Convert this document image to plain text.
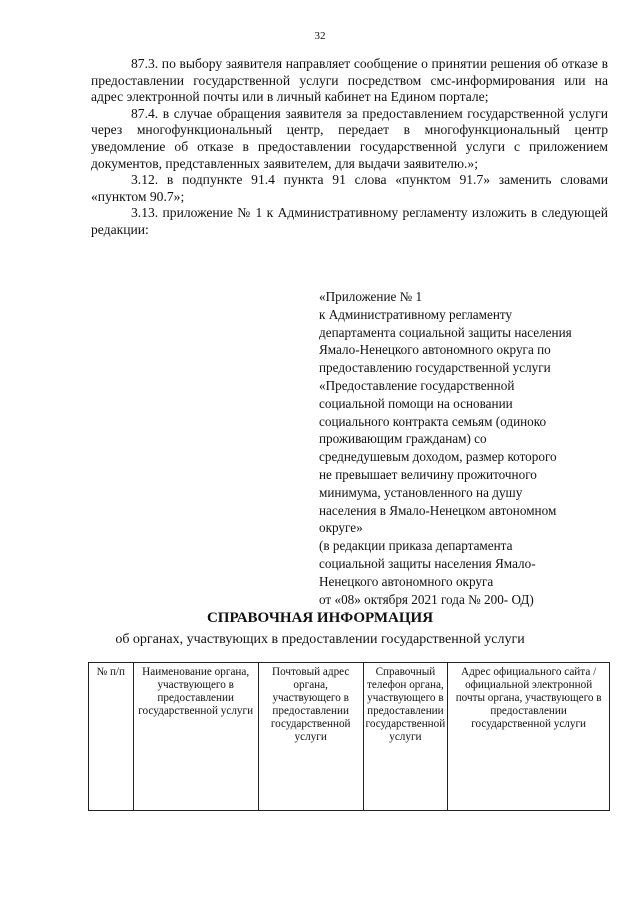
32

87.3. по выбору заявителя направляет сообщение о принятии решения об отказе в предоставлении государственной услуги посредством смс-информирования или на адрес электронной почты или в личный кабинет на Едином портале;

87.4. в случае обращения заявителя за предоставлением государственной услуги через многофункциональный центр, передает в многофункциональный центр уведомление об отказе в предоставлении государственной услуги с приложением документов, представленных заявителем, для выдачи заявителю.»;

3.12. в подпункте 91.4 пункта 91 слова «пунктом 91.7» заменить словами «пунктом 90.7»;

3.13. приложение № 1 к Административному регламенту изложить в следующей редакции:

«Приложение № 1
к Административному регламенту
департамента социальной защиты населения
Ямало-Ненецкого автономного округа по
предоставлению государственной услуги
«Предоставление государственной
социальной помощи на основании
социального контракта семьям (одиноко
проживающим гражданам) со
среднедушевым доходом, размер которого
не превышает величину прожиточного
минимума, установленного на душу
населения в Ямало-Ненецком автономном
округе»
(в редакции приказа департамента
социальной защиты населения Ямало-
Ненецкого автономного округа
от «08» октября 2021 года № 200- ОД)
СПРАВОЧНАЯ ИНФОРМАЦИЯ
об органах, участвующих в предоставлении государственной услуги
№ п/п	Наименование органа, участвующего в предоставлении государственной услуги	Почтовый адрес органа, участвующего в предоставлении государственной услуги	Справочный телефон органа, участвующего в предоставлении государственной услуги	Адрес официального сайта /официальной электронной почты органа, участвующего в предоставлении государственной услуги
